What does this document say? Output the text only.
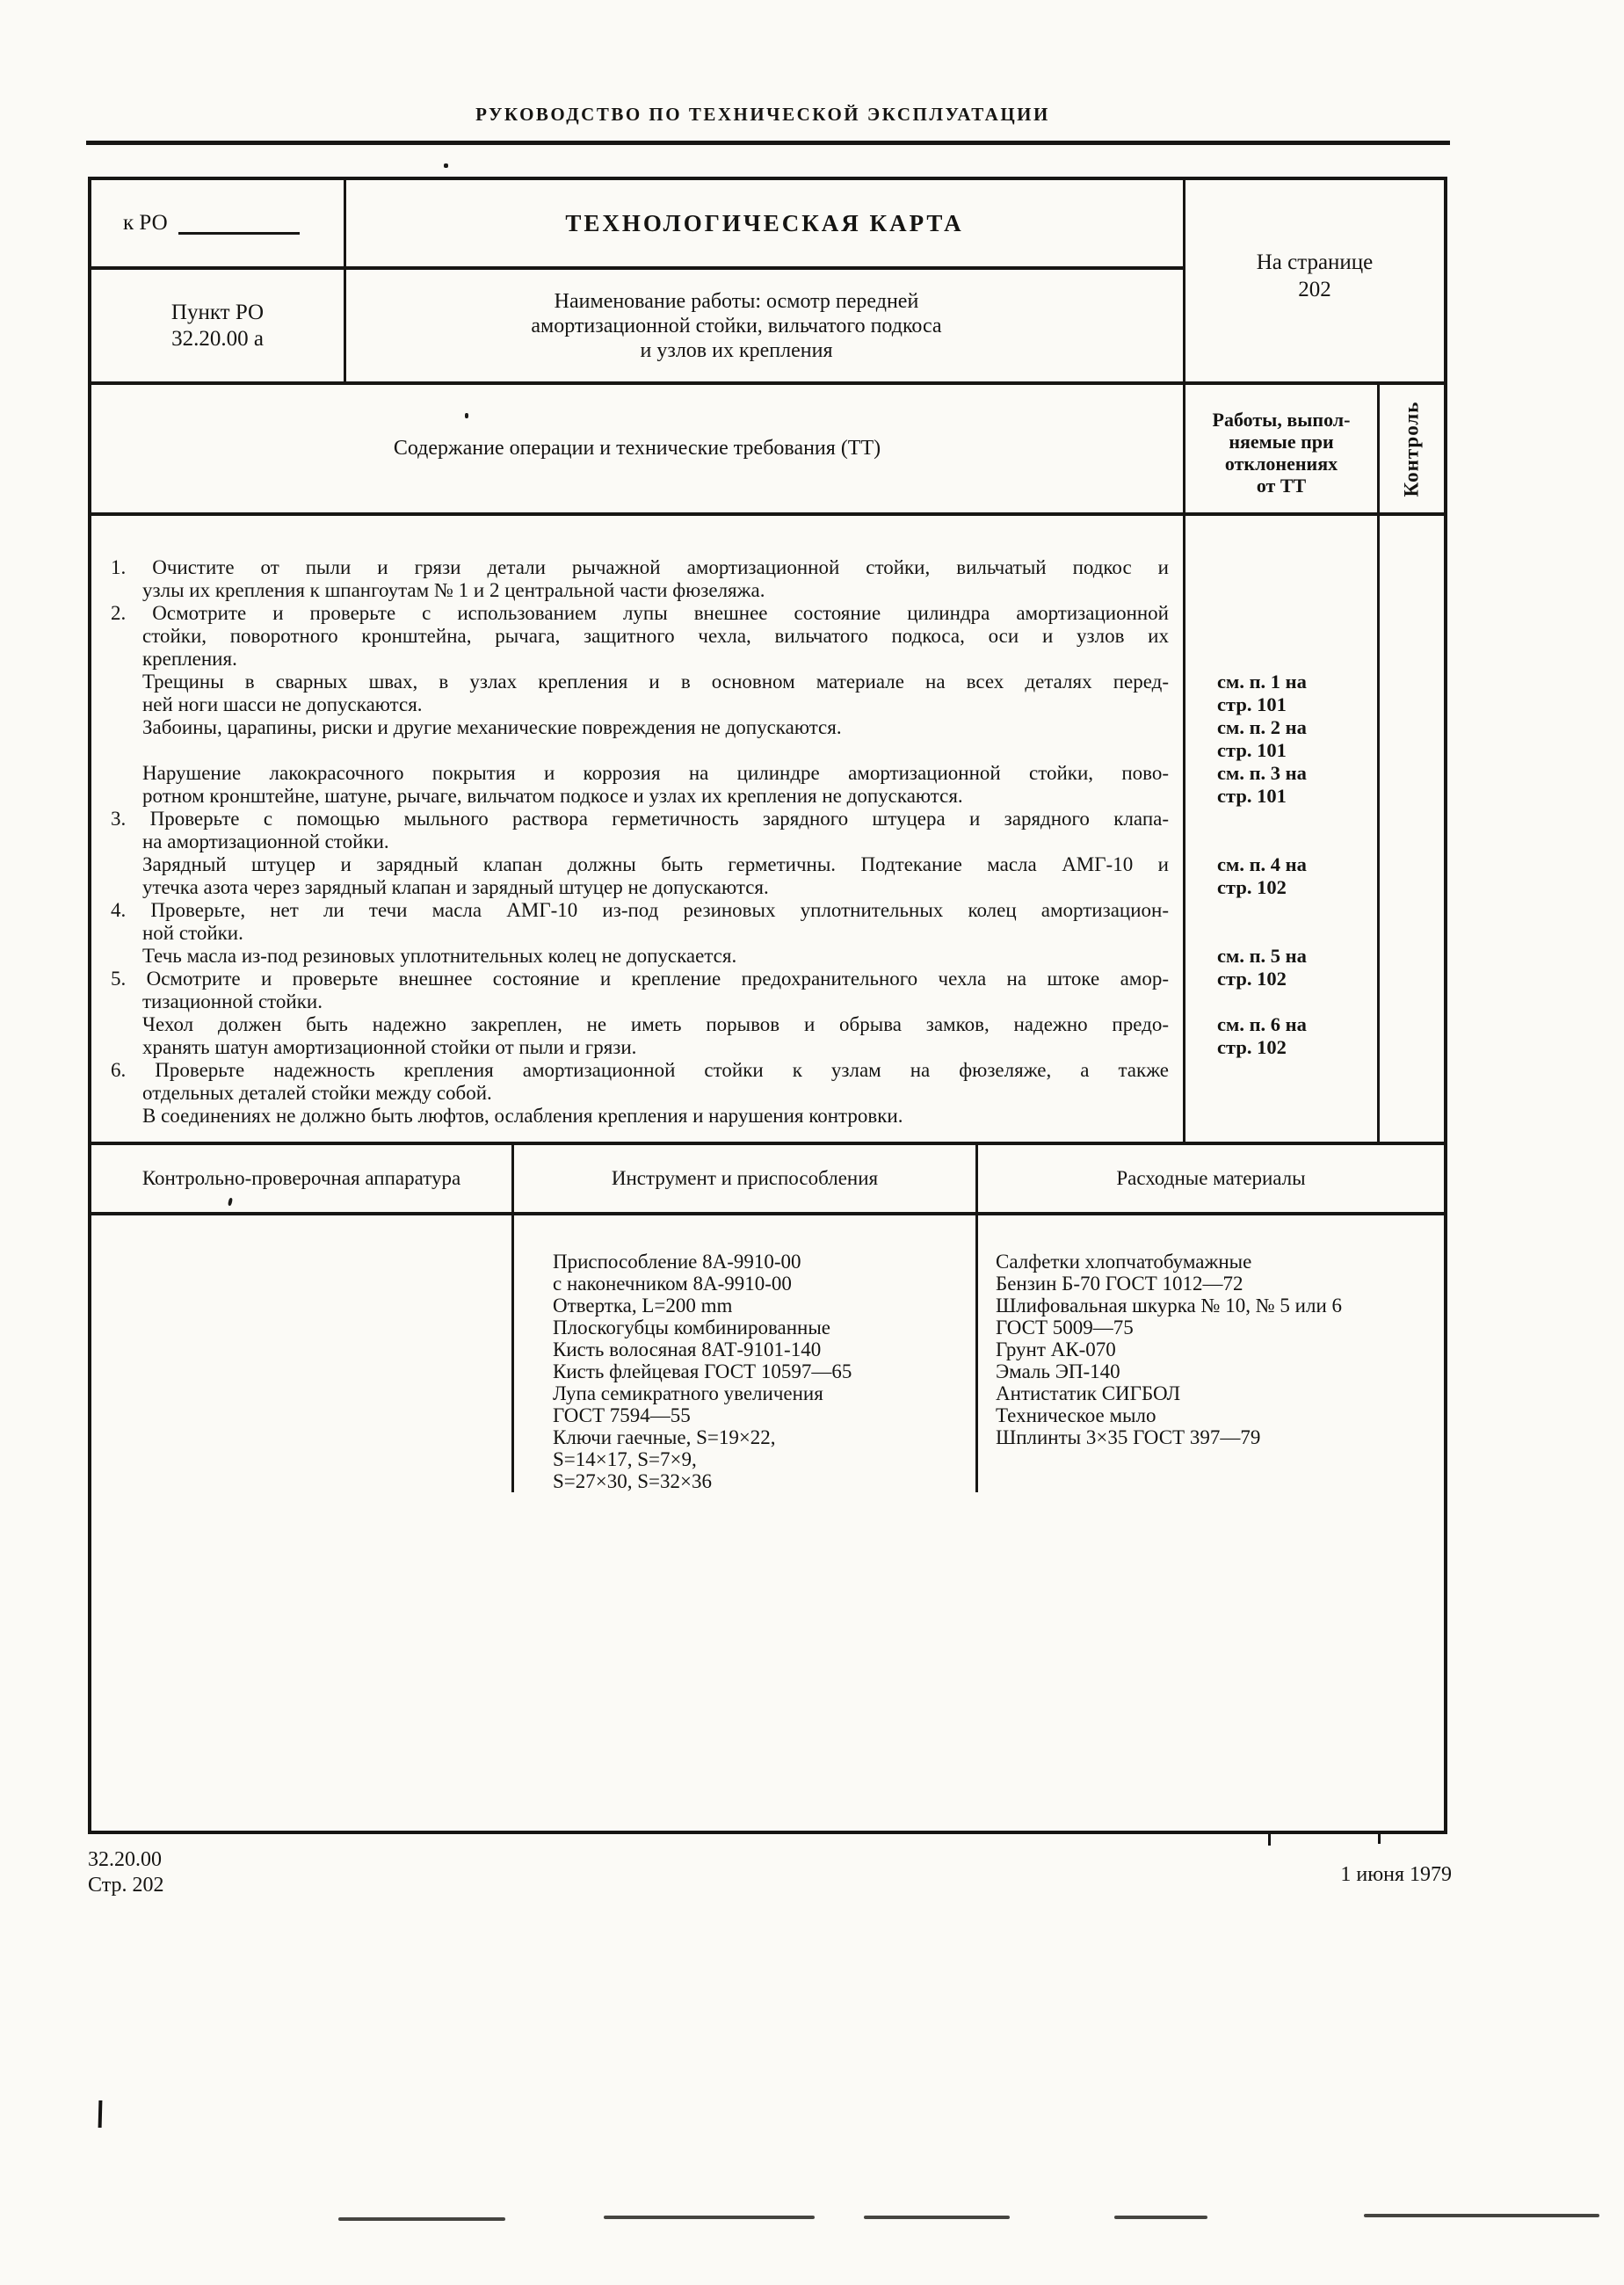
РУКОВОДСТВО ПО ТЕХНИЧЕСКОЙ ЭКСПЛУАТАЦИИ
к РО	ТЕХНОЛОГИЧЕСКАЯ КАРТА
Пункт РО
32.20.00 а
Наименование работы: осмотр передней
амортизационной стойки, вильчатого подкоса
и узлов их крепления
На странице
202
Содержание операции и технические требования (ТТ)
Работы, выпол-
няемые при
отклонениях
от ТТ	Контроль
1. Очистите от пыли и грязи детали рычажной амортизационной стойки, вильчатый подкос и
узлы их крепления к шпангоутам № 1 и 2 центральной части фюзеляжа.
2. Осмотрите и проверьте с использованием лупы внешнее состояние цилиндра амортизационной
стойки, поворотного кронштейна, рычага, защитного чехла, вильчатого подкоса, оси и узлов их
крепления.
Трещины в сварных швах, в узлах крепления и в основном материале на всех деталях перед-
ней ноги шасси не допускаются.
Забоины, царапины, риски и другие механические повреждения не допускаются.
Нарушение лакокрасочного покрытия и коррозия на цилиндре амортизационной стойки, пово-
ротном кронштейне, шатуне, рычаге, вильчатом подкосе и узлах их крепления не допускаются.
3. Проверьте с помощью мыльного раствора герметичность зарядного штуцера и зарядного клапа-
на амортизационной стойки.
Зарядный штуцер и зарядный клапан должны быть герметичны. Подтекание масла АМГ-10 и
утечка азота через зарядный клапан и зарядный штуцер не допускаются.
4. Проверьте, нет ли течи масла АМГ-10 из-под резиновых уплотнительных колец амортизацион-
ной стойки.
Течь масла из-под резиновых уплотнительных колец не допускается.
5. Осмотрите и проверьте внешнее состояние и крепление предохранительного чехла на штоке амор-
тизационной стойки.
Чехол должен быть надежно закреплен, не иметь порывов и обрыва замков, надежно предо-
хранять шатун амортизационной стойки от пыли и грязи.
6. Проверьте надежность крепления амортизационной стойки к узлам на фюзеляже, а также
отдельных деталей стойки между собой.
В соединениях не должно быть люфтов, ослабления крепления и нарушения контровки.
см. п. 1 на
стр. 101
см. п. 2 на
стр. 101
см. п. 3 на
стр. 101
см. п. 4 на
стр. 102
см. п. 5 на
стр. 102
см. п. 6 на
стр. 102
Контрольно-проверочная аппаратура	Инструмент и приспособления	Расходные материалы
Приспособление 8А-9910-00
с наконечником 8А-9910-00
Отвертка, L=200 mm
Плоскогубцы комбинированные
Кисть волосяная 8АТ-9101-140
Кисть флейцевая ГОСТ 10597—65
Лупа семикратного увеличения
ГОСТ 7594—55
Ключи гаечные, S=19×22,
S=14×17, S=7×9,
S=27×30, S=32×36
Салфетки хлопчатобумажные
Бензин Б-70 ГОСТ 1012—72
Шлифовальная шкурка № 10, № 5 или 6
ГОСТ 5009—75
Грунт АК-070
Эмаль ЭП-140
Антистатик СИГБОЛ
Техническое мыло
Шплинты 3×35 ГОСТ 397—79
32.20.00
Стр. 202	1 июня 1979
